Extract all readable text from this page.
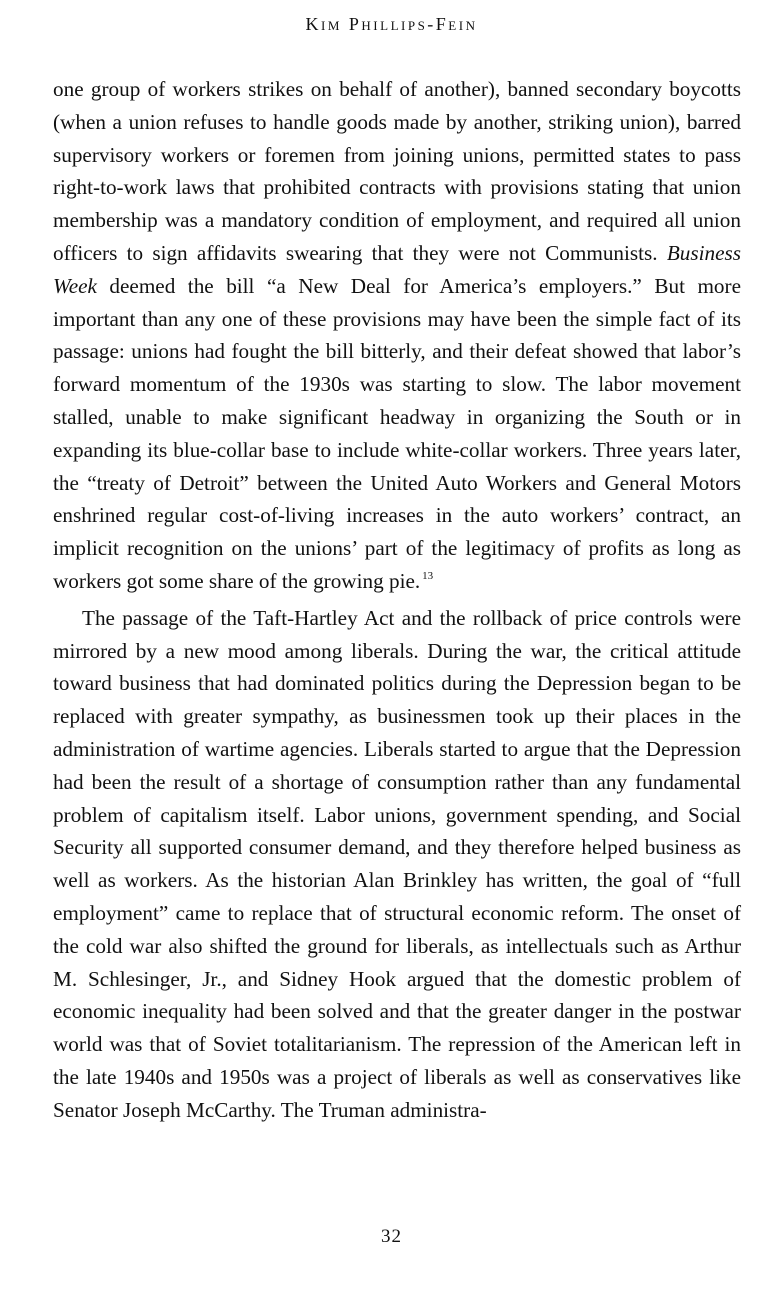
Kim Phillips-Fein

one group of workers strikes on behalf of another), banned secondary boycotts (when a union refuses to handle goods made by another, striking union), barred supervisory workers or foremen from joining unions, permitted states to pass right-to-work laws that prohibited contracts with provisions stating that union membership was a mandatory condition of employment, and required all union officers to sign affidavits swearing that they were not Communists. Business Week deemed the bill “a New Deal for America’s employers.” But more important than any one of these provisions may have been the simple fact of its passage: unions had fought the bill bitterly, and their defeat showed that labor’s forward momentum of the 1930s was starting to slow. The labor movement stalled, unable to make significant headway in organizing the South or in expanding its blue-collar base to include white-collar workers. Three years later, the “treaty of Detroit” between the United Auto Workers and General Motors enshrined regular cost-of-living increases in the auto workers’ contract, an implicit recognition on the unions’ part of the legitimacy of profits as long as workers got some share of the growing pie. $^{13}$

The passage of the Taft-Hartley Act and the rollback of price controls were mirrored by a new mood among liberals. During the war, the critical attitude toward business that had dominated politics during the Depression began to be replaced with greater sympathy, as businessmen took up their places in the administration of wartime agencies. Liberals started to argue that the Depression had been the result of a shortage of consumption rather than any fundamental problem of capitalism itself. Labor unions, government spending, and Social Security all supported consumer demand, and they therefore helped business as well as workers. As the historian Alan Brinkley has written, the goal of “full employment” came to replace that of structural economic reform. The onset of the cold war also shifted the ground for liberals, as intellectuals such as Arthur M. Schlesinger, Jr., and Sidney Hook argued that the domestic problem of economic inequality had been solved and that the greater danger in the postwar world was that of Soviet totalitarianism. The repression of the American left in the late 1940s and 1950s was a project of liberals as well as conservatives like Senator Joseph McCarthy. The Truman administra-

32
